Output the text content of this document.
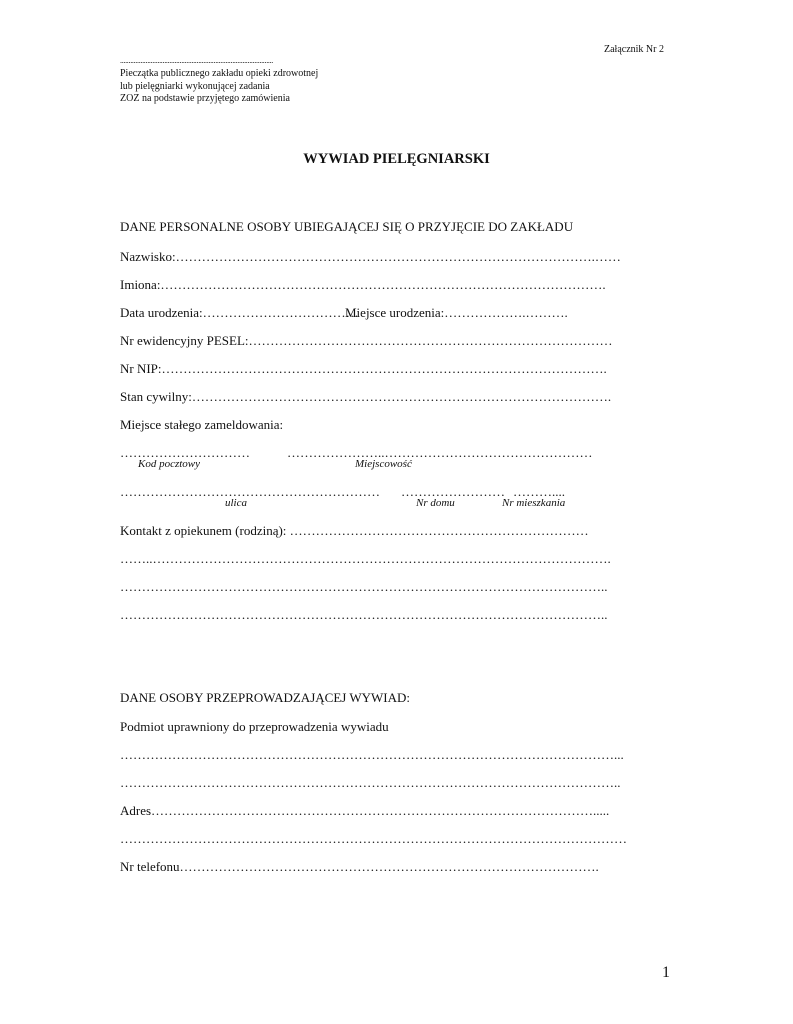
Załącznik Nr 2
..........................................................................................
Pieczątka publicznego zakładu opieki zdrowotnej
lub pielęgniarki wykonującej zadania
ZOZ na podstawie przyjętego zamówienia
WYWIAD PIELĘGNIARSKI
DANE PERSONALNE OSOBY UBIEGAJĄCEJ SIĘ O PRZYJĘCIE DO ZAKŁADU
Nazwisko:…………………………………………………………………………………….……
Imiona:………………………………………………………………………………………….
Data urodzenia:………………………………
Miejsce urodzenia:……………….……….
Nr ewidencyjny PESEL:…………………………………………………………………………
Nr NIP:………………………………………………………………………………………….
Stan cywilny:…………………………………………………………………………………….
Miejsce stałego zameldowania:
…………………………	…………………..…………………………………………
Kod pocztowy	Miejscowość
…………………………………………………… …………………… ………....
ulica	Nr domu	Nr mieszkania
Kontakt z opiekunem (rodziną): ……………………………………………………………
……..…………………………………………………………………………………………….
…………………………………………………………………………………………………..
…………………………………………………………………………………………………..
DANE OSOBY PRZEPROWADZAJĄCEJ WYWIAD:
Podmiot uprawniony do przeprowadzenia wywiadu
……………………………………………………………………………………………………...
……………………………………………………………………………………………………..
Adres………………………………………………………………………………………….....
………………………………………………………………………………………………………
Nr telefonu…………………………………………………………………………………….
1
